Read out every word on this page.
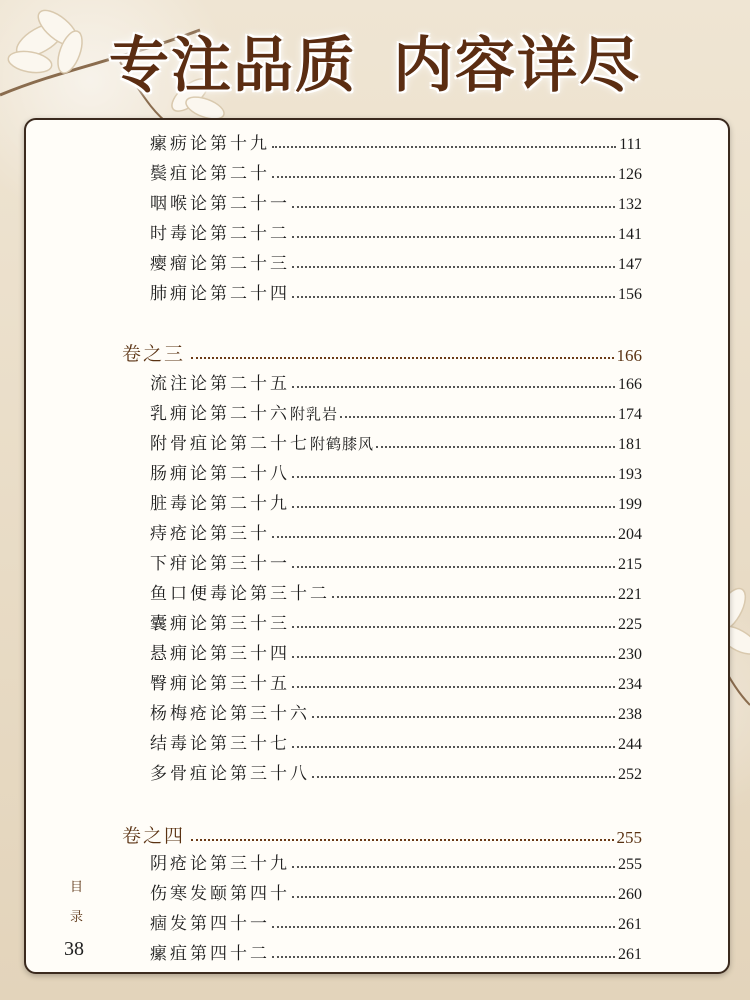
专注品质 内容详尽
瘰疬论第十九	111
鬓疽论第二十	126
咽喉论第二十一	132
时毒论第二十二	141
瘿瘤论第二十三	147
肺痈论第二十四	156
卷之三	166
流注论第二十五	166
乳痈论第二十六 附乳岩	174
附骨疽论第二十七 附鹤膝风	181
肠痈论第二十八	193
脏毒论第二十九	199
痔疮论第三十	204
下疳论第三十一	215
鱼口便毒论第三十二	221
囊痈论第三十三	225
悬痈论第三十四	230
臀痈论第三十五	234
杨梅疮论第三十六	238
结毒论第三十七	244
多骨疽论第三十八	252
卷之四	255
阴疮论第三十九	255
伤寒发颐第四十	260
痼发第四十一	261
瘰疽第四十二	261
目
录
38
